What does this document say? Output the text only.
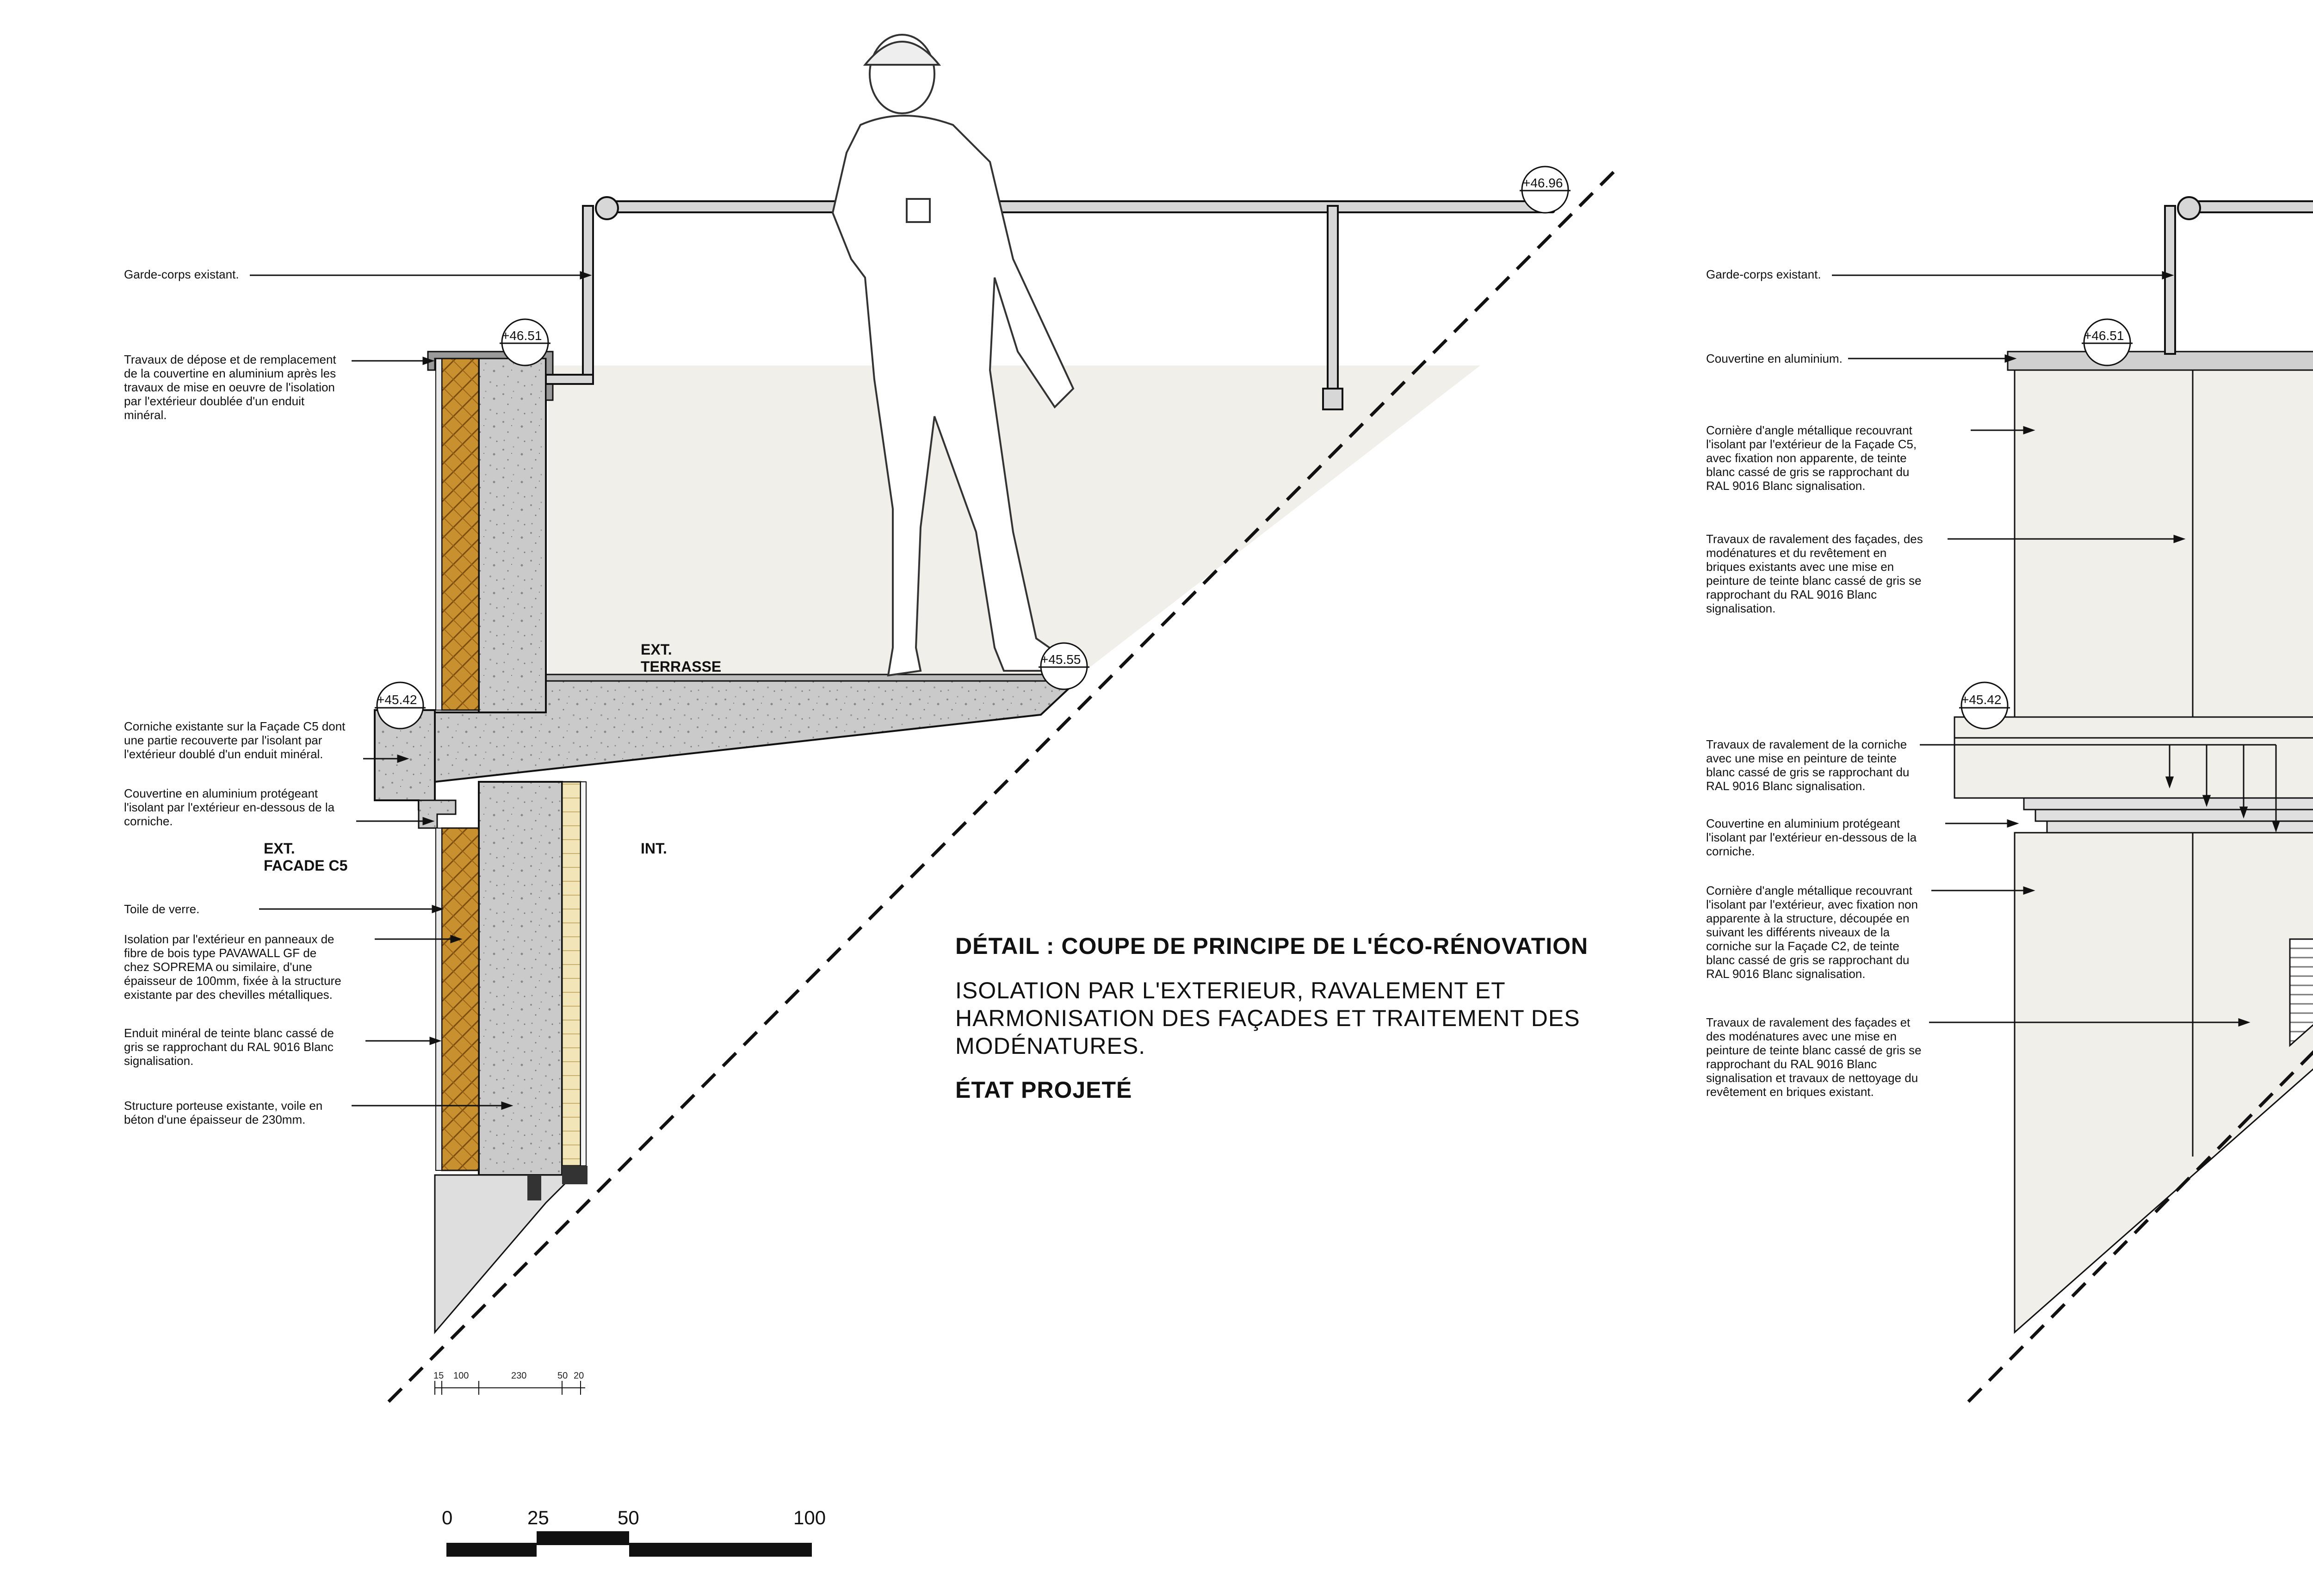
+46.96
+46.51
+45.55
+45.42
EXT.
TERRASSE
EXT.
FACADE C5
INT.
15 100	230	50 20
+46.51
+45.42
0	25	50	100
Garde-corps existant.
Travaux de dépose et de remplacement
de la couvertine en aluminium après les
travaux de mise en oeuvre de l'isolation
par l'extérieur doublée d'un enduit
minéral.
Corniche existante sur la Façade C5 dont
une partie recouverte par l'isolant par
l'extérieur doublé d'un enduit minéral.
Couvertine en aluminium protégeant
l'isolant par l'extérieur en-dessous de la
corniche.
Toile de verre.
Isolation par l'extérieur en panneaux de
fibre de bois type PAVAWALL GF de
chez SOPREMA ou similaire, d'une
épaisseur de 100mm, fixée à la structure
existante par des chevilles métalliques.
Enduit minéral de teinte blanc cassé de
gris se rapprochant du RAL 9016 Blanc
signalisation.
Structure porteuse existante, voile en
béton d'une épaisseur de 230mm.
Garde-corps existant.
Couvertine en aluminium.
Cornière d'angle métallique recouvrant
l'isolant par l'extérieur de la Façade C5,
avec fixation non apparente, de teinte
blanc cassé de gris se rapprochant du
RAL 9016 Blanc signalisation.
Travaux de ravalement des façades, des
modénatures et du revêtement en
briques existants avec une mise en
peinture de teinte blanc cassé de gris se
rapprochant du RAL 9016 Blanc
signalisation.
Travaux de ravalement de la corniche
avec une mise en peinture de teinte
blanc cassé de gris se rapprochant du
RAL 9016 Blanc signalisation.
Couvertine en aluminium protégeant
l'isolant par l'extérieur en-dessous de la
corniche.
Cornière d'angle métallique recouvrant
l'isolant par l'extérieur, avec fixation non
apparente à la structure, découpée en
suivant les différents niveaux de la
corniche sur la Façade C2, de teinte
blanc cassé de gris se rapprochant du
RAL 9016 Blanc signalisation.
Travaux de ravalement des façades et
des modénatures avec une mise en
peinture de teinte blanc cassé de gris se
rapprochant du RAL 9016 Blanc
signalisation et travaux de nettoyage du
revêtement en briques existant.
DÉTAIL : COUPE DE PRINCIPE DE L'ÉCO-RÉNOVATION

ISOLATION PAR L'EXTERIEUR, RAVALEMENT ET
HARMONISATION DES FAÇADES ET TRAITEMENT DES
MODÉNATURES.

ÉTAT PROJETÉ
